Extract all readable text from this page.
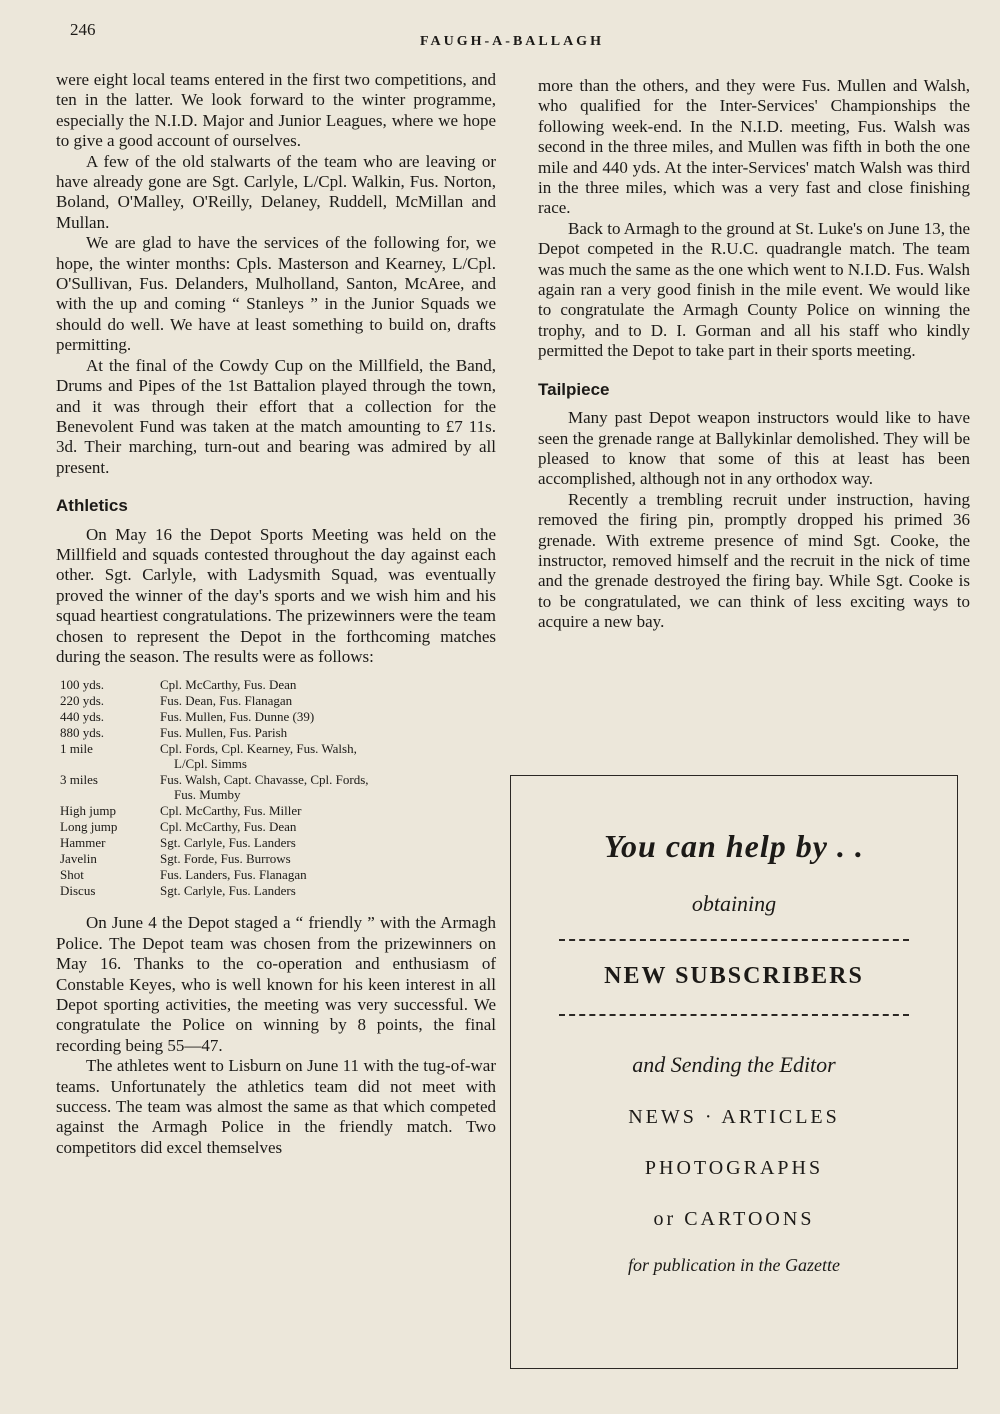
246
FAUGH-A-BALLAGH

were eight local teams entered in the first two competitions, and ten in the latter. We look forward to the winter programme, especially the N.I.D. Major and Junior Leagues, where we hope to give a good account of ourselves.

A few of the old stalwarts of the team who are leaving or have already gone are Sgt. Carlyle, L/Cpl. Walkin, Fus. Norton, Boland, O'Malley, O'Reilly, Delaney, Ruddell, McMillan and Mullan.

We are glad to have the services of the following for, we hope, the winter months: Cpls. Masterson and Kearney, L/Cpl. O'Sullivan, Fus. Delanders, Mulholland, Santon, McAree, and with the up and coming “ Stanleys ” in the Junior Squads we should do well. We have at least something to build on, drafts permitting.

At the final of the Cowdy Cup on the Millfield, the Band, Drums and Pipes of the 1st Battalion played through the town, and it was through their effort that a collection for the Benevolent Fund was taken at the match amounting to £7 11s. 3d. Their marching, turn-out and bearing was admired by all present.

Athletics

On May 16 the Depot Sports Meeting was held on the Millfield and squads contested throughout the day against each other. Sgt. Carlyle, with Ladysmith Squad, was eventually proved the winner of the day's sports and we wish him and his squad heartiest congratulations. The prizewinners were the team chosen to represent the Depot in the forthcoming matches during the season. The results were as follows:

100 yds.	Cpl. McCarthy, Fus. Dean
220 yds.	Fus. Dean, Fus. Flanagan
440 yds.	Fus. Mullen, Fus. Dunne (39)
880 yds.	Fus. Mullen, Fus. Parish
1 mile	Cpl. Fords, Cpl. Kearney, Fus. Walsh,
L/Cpl. Simms

3 miles	Fus. Walsh, Capt. Chavasse, Cpl. Fords,
Fus. Mumby

High jump	Cpl. McCarthy, Fus. Miller
Long jump	Cpl. McCarthy, Fus. Dean
Hammer	Sgt. Carlyle, Fus. Landers
Javelin	Sgt. Forde, Fus. Burrows
Shot	Fus. Landers, Fus. Flanagan
Discus	Sgt. Carlyle, Fus. Landers

On June 4 the Depot staged a “ friendly ” with the Armagh Police. The Depot team was chosen from the prizewinners on May 16. Thanks to the co-operation and enthusiasm of Constable Keyes, who is well known for his keen interest in all Depot sporting activities, the meeting was very successful. We congratulate the Police on winning by 8 points, the final recording being 55—47.

The athletes went to Lisburn on June 11 with the tug-of-war teams. Unfortunately the athletics team did not meet with success. The team was almost the same as that which competed against the Armagh Police in the friendly match. Two competitors did excel themselves

more than the others, and they were Fus. Mullen and Walsh, who qualified for the Inter-Services' Championships the following week-end. In the N.I.D. meeting, Fus. Walsh was second in the three miles, and Mullen was fifth in both the one mile and 440 yds. At the inter-Services' match Walsh was third in the three miles, which was a very fast and close finishing race.

Back to Armagh to the ground at St. Luke's on June 13, the Depot competed in the R.U.C. quadrangle match. The team was much the same as the one which went to N.I.D. Fus. Walsh again ran a very good finish in the mile event. We would like to congratulate the Armagh County Police on winning the trophy, and to D. I. Gorman and all his staff who kindly permitted the Depot to take part in their sports meeting.

Tailpiece

Many past Depot weapon instructors would like to have seen the grenade range at Ballykinlar demolished. They will be pleased to know that some of this at least has been accomplished, although not in any orthodox way.

Recently a trembling recruit under instruction, having removed the firing pin, promptly dropped his primed 36 grenade. With extreme presence of mind Sgt. Cooke, the instructor, removed himself and the recruit in the nick of time and the grenade destroyed the firing bay. While Sgt. Cooke is to be congratulated, we can think of less exciting ways to acquire a new bay.

You can help by . .
obtaining
NEW SUBSCRIBERS
and Sending the Editor
NEWS · ARTICLES
PHOTOGRAPHS
or CARTOONS
for publication in the Gazette
